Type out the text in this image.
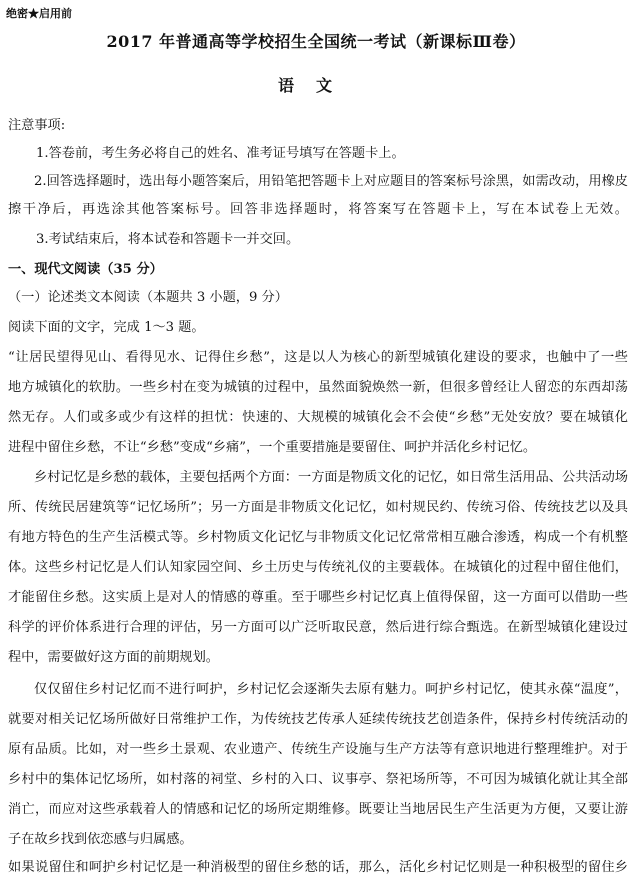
绝密★启用前
2017 年普通高等学校招生全国统一考试（新课标Ⅲ卷）
语文
注意事项:
1.答卷前，考生务必将自己的姓名、准考证号填写在答题卡上。
2.回答选择题时，选出每小题答案后，用铅笔把答题卡上对应题目的答案标号涂黑，如需改动，用橡皮
擦干净后，再选涂其他答案标号。回答非选择题时，将答案写在答题卡上，写在本试卷上无效。
3.考试结束后，将本试卷和答题卡一并交回。
一、现代文阅读（35 分）
（一）论述类文本阅读（本题共 3 小题，9 分）
阅读下面的文字，完成 1～3 题。
“让居民望得见山、看得见水、记得住乡愁”，这是以人为核心的新型城镇化建设的要求，也触中了一些
地方城镇化的软肋。一些乡村在变为城镇的过程中，虽然面貌焕然一新，但很多曾经让人留恋的东西却荡
然无存。人们或多或少有这样的担忧：快速的、大规模的城镇化会不会使“乡愁”无处安放？要在城镇化
进程中留住乡愁，不让“乡愁”变成“乡痛”，一个重要措施是要留住、呵护并活化乡村记忆。
乡村记忆是乡愁的载体，主要包括两个方面：一方面是物质文化的记忆，如日常生活用品、公共活动场
所、传统民居建筑等“记忆场所”；另一方面是非物质文化记忆，如村规民约、传统习俗、传统技艺以及具
有地方特色的生产生活模式等。乡村物质文化记忆与非物质文化记忆常常相互融合渗透，构成一个有机整
体。这些乡村记忆是人们认知家园空间、乡土历史与传统礼仪的主要载体。在城镇化的过程中留住他们，
才能留住乡愁。这实质上是对人的情感的尊重。至于哪些乡村记忆真上值得保留，这一方面可以借助一些
科学的评价体系进行合理的评估，另一方面可以广泛听取民意，然后进行综合甄选。在新型城镇化建设过
程中，需要做好这方面的前期规划。
仅仅留住乡村记忆而不进行呵护，乡村记忆会逐渐失去原有魅力。呵护乡村记忆，使其永葆“温度”，
就要对相关记忆场所做好日常维护工作，为传统技艺传承人延续传统技艺创造条件，保持乡村传统活动的
原有品质。比如，对一些乡土景观、农业遗产、传统生产设施与生产方法等有意识地进行整理维护。对于
乡村中的集体记忆场所，如村落的祠堂、乡村的入口、议事亭、祭祀场所等，不可因为城镇化就让其全部
消亡，而应对这些承载着人的情感和记忆的场所定期维修。既要让当地居民生产生活更为方便，又要让游
子在故乡找到依恋感与归属感。
如果说留住和呵护乡村记忆是一种消极型的留住乡愁的话，那么，活化乡村记忆则是一种积极型的留住乡
